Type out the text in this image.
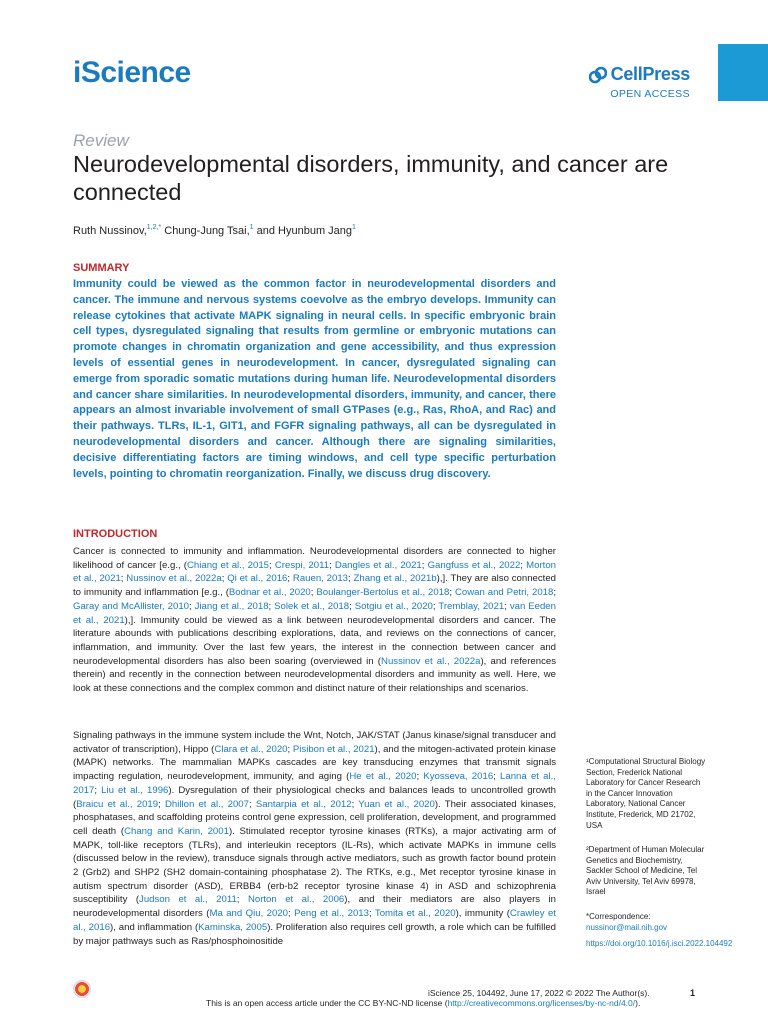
iScience	CellPress
OPEN ACCESS
Review
Neurodevelopmental disorders, immunity, and cancer are connected
Ruth Nussinov,$^{1,2,*}$ Chung-Jung Tsai,$^1$ and Hyunbum Jang$^1$
SUMMARY
Immunity could be viewed as the common factor in neurodevelopmental disorders and cancer. The immune and nervous systems coevolve as the embryo develops. Immunity can release cytokines that activate MAPK signaling in neural cells. In specific embryonic brain cell types, dysregulated signaling that results from germline or embryonic mutations can promote changes in chromatin organization and gene accessibility, and thus expression levels of essential genes in neurodevelopment. In cancer, dysregulated signaling can emerge from sporadic somatic mutations during human life. Neurodevelopmental disorders and cancer share similarities. In neurodevelopmental disorders, immunity, and cancer, there appears an almost invariable involvement of small GTPases (e.g., Ras, RhoA, and Rac) and their pathways. TLRs, IL-1, GIT1, and FGFR signaling pathways, all can be dysregulated in neurodevelopmental disorders and cancer. Although there are signaling similarities, decisive differentiating factors are timing windows, and cell type specific perturbation levels, pointing to chromatin reorganization. Finally, we discuss drug discovery.
INTRODUCTION
Cancer is connected to immunity and inflammation. Neurodevelopmental disorders are connected to higher likelihood of cancer [e.g., (Chiang et al., 2015; Crespi, 2011; Dangles et al., 2021; Gangfuss et al., 2022; Morton et al., 2021; Nussinov et al., 2022a; Qi et al., 2016; Rauen, 2013; Zhang et al., 2021b),]. They are also connected to immunity and inflammation [e.g., (Bodnar et al., 2020; Boulanger-Bertolus et al., 2018; Cowan and Petri, 2018; Garay and McAllister, 2010; Jiang et al., 2018; Solek et al., 2018; Sotgiu et al., 2020; Tremblay, 2021; van Eeden et al., 2021),]. Immunity could be viewed as a link between neurodevelopmental disorders and cancer. The literature abounds with publications describing explorations, data, and reviews on the connections of cancer, inflammation, and immunity. Over the last few years, the interest in the connection between cancer and neurodevelopmental disorders has also been soaring (overviewed in (Nussinov et al., 2022a), and references therein) and recently in the connection between neurodevelopmental disorders and immunity as well. Here, we look at these connections and the complex common and distinct nature of their relationships and scenarios.
Signaling pathways in the immune system include the Wnt, Notch, JAK/STAT (Janus kinase/signal transducer and activator of transcription), Hippo (Clara et al., 2020; Pisibon et al., 2021), and the mitogen-activated protein kinase (MAPK) networks. The mammalian MAPKs cascades are key transducing enzymes that transmit signals impacting regulation, neurodevelopment, immunity, and aging (He et al., 2020; Kyosseva, 2016; Lanna et al., 2017; Liu et al., 1996). Dysregulation of their physiological checks and balances leads to uncontrolled growth (Braicu et al., 2019; Dhillon et al., 2007; Santarpia et al., 2012; Yuan et al., 2020). Their associated kinases, phosphatases, and scaffolding proteins control gene expression, cell proliferation, development, and programmed cell death (Chang and Karin, 2001). Stimulated receptor tyrosine kinases (RTKs), a major activating arm of MAPK, toll-like receptors (TLRs), and interleukin receptors (IL-Rs), which activate MAPKs in immune cells (discussed below in the review), transduce signals through active mediators, such as growth factor bound protein 2 (Grb2) and SHP2 (SH2 domain-containing phosphatase 2). The RTKs, e.g., Met receptor tyrosine kinase in autism spectrum disorder (ASD), ERBB4 (erb-b2 receptor tyrosine kinase 4) in ASD and schizophrenia susceptibility (Judson et al., 2011; Norton et al., 2006), and their mediators are also players in neurodevelopmental disorders (Ma and Qiu, 2020; Peng et al., 2013; Tomita et al., 2020), immunity (Crawley et al., 2016), and inflammation (Kaminska, 2005). Proliferation also requires cell growth, a role which can be fulfilled by major pathways such as Ras/phosphoinositide
¹Computational Structural Biology Section, Frederick National Laboratory for Cancer Research in the Cancer Innovation Laboratory, National Cancer Institute, Frederick, MD 21702, USA
²Department of Human Molecular Genetics and Biochemistry, Sackler School of Medicine, Tel Aviv University, Tel Aviv 69978, Israel
*Correspondence:
nussinor@mail.nih.gov
https://doi.org/10.1016/j.isci.2022.104492
iScience 25, 104492, June 17, 2022 © 2022 The Author(s).	1
This is an open access article under the CC BY-NC-ND license (http://creativecommons.org/licenses/by-nc-nd/4.0/).
